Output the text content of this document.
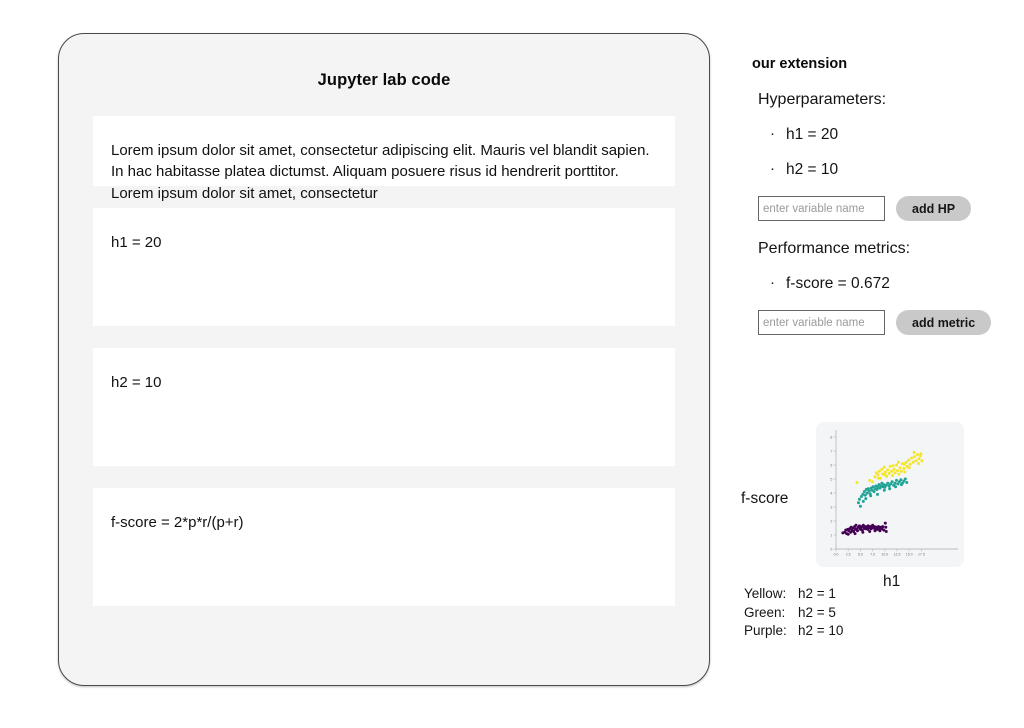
Jupyter lab code

Lorem ipsum dolor sit amet, consectetur adipiscing elit. Mauris vel blandit sapien. In hac habitasse platea dictumst. Aliquam posuere risus id hendrerit porttitor. Lorem ipsum dolor sit amet, consectetur

h1 = 20

h2 = 10

f-score = 2*p*r/(p+r)

our extension
Hyperparameters:
· h1 = 20
· h2 = 10
enter variable name
add HP
Performance metrics:
· f-score = 0.672
enter variable name
add metric
f-score
0
1
2
3
4
5
6
7
8
0.0 2.5 5.0 7.5 10.0 12.5 15.0 17.5
h1
Yellow: h2 = 1
Green: h2 = 5
Purple: h2 = 10
